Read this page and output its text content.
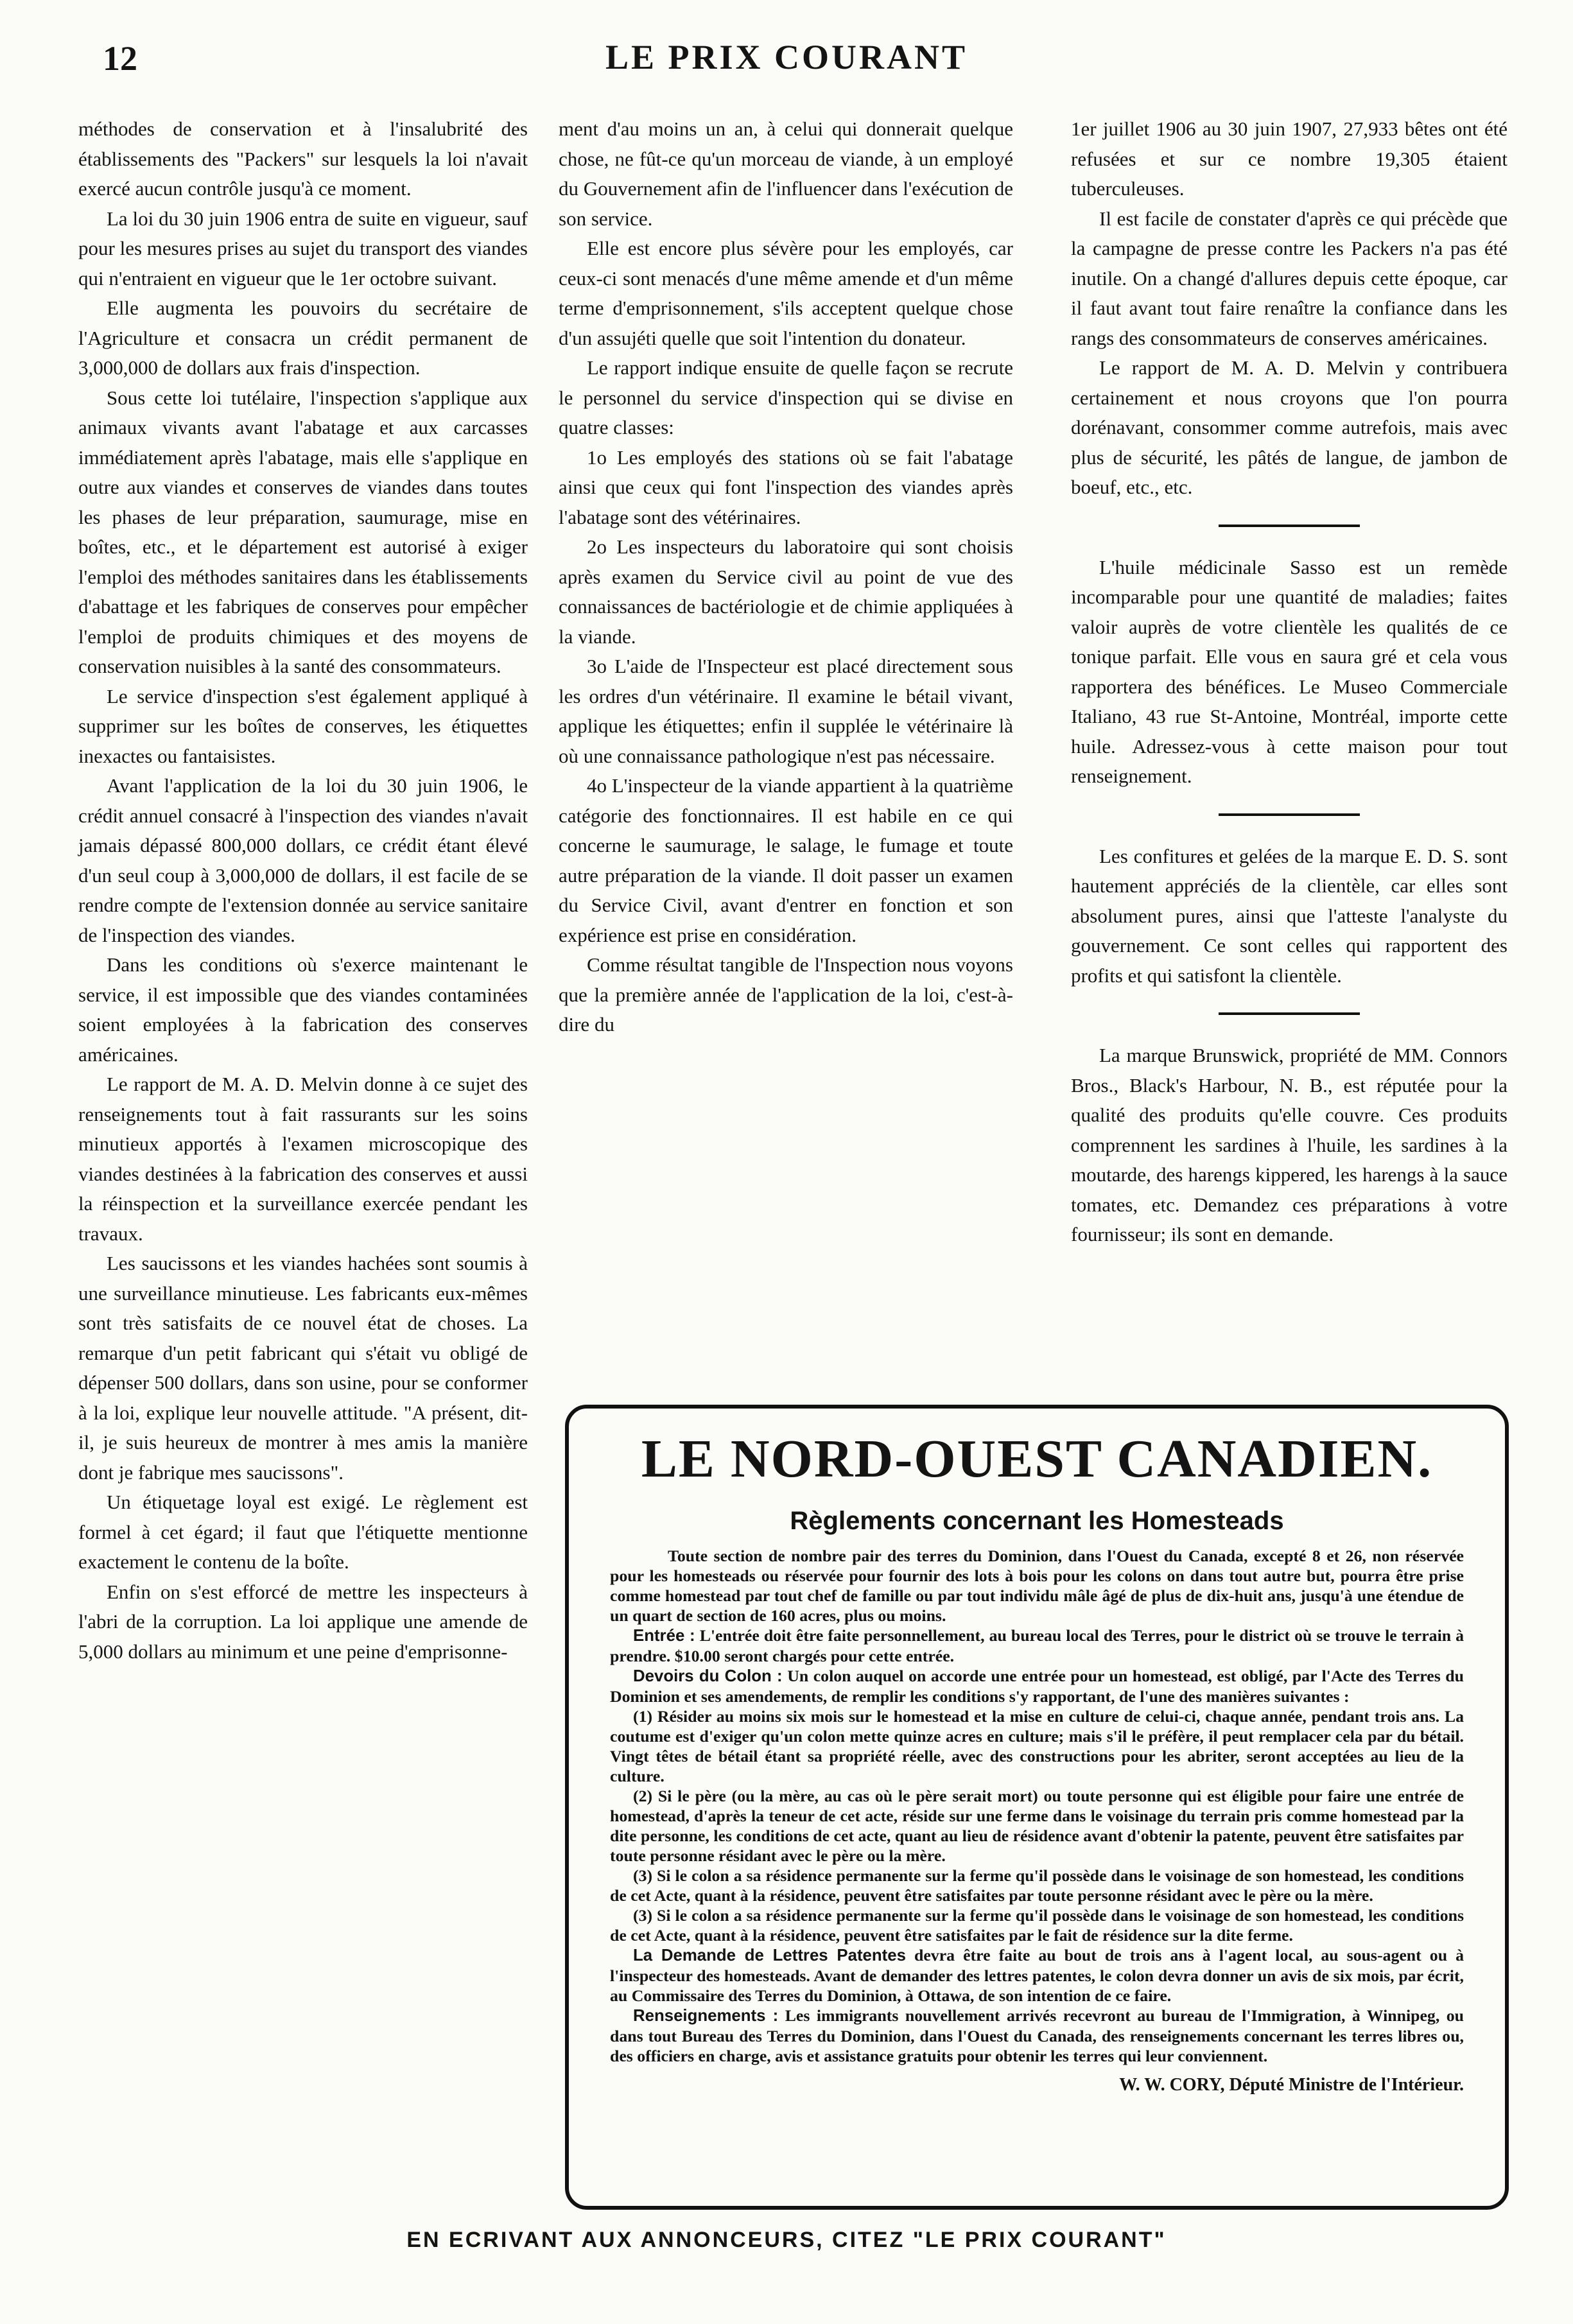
12	LE PRIX COURANT

méthodes de conservation et à l'insalubrité des établissements des "Packers" sur lesquels la loi n'avait exercé aucun contrôle jusqu'à ce moment.

La loi du 30 juin 1906 entra de suite en vigueur, sauf pour les mesures prises au sujet du transport des viandes qui n'entraient en vigueur que le 1er octobre suivant.

Elle augmenta les pouvoirs du secrétaire de l'Agriculture et consacra un crédit permanent de 3,000,000 de dollars aux frais d'inspection.

Sous cette loi tutélaire, l'inspection s'applique aux animaux vivants avant l'abatage et aux carcasses immédiatement après l'abatage, mais elle s'applique en outre aux viandes et conserves de viandes dans toutes les phases de leur préparation, saumurage, mise en boîtes, etc., et le département est autorisé à exiger l'emploi des méthodes sanitaires dans les établissements d'abattage et les fabriques de conserves pour empêcher l'emploi de produits chimiques et des moyens de conservation nuisibles à la santé des consommateurs.

Le service d'inspection s'est également appliqué à supprimer sur les boîtes de conserves, les étiquettes inexactes ou fantaisistes.

Avant l'application de la loi du 30 juin 1906, le crédit annuel consacré à l'inspection des viandes n'avait jamais dépassé 800,000 dollars, ce crédit étant élevé d'un seul coup à 3,000,000 de dollars, il est facile de se rendre compte de l'extension donnée au service sanitaire de l'inspection des viandes.

Dans les conditions où s'exerce maintenant le service, il est impossible que des viandes contaminées soient employées à la fabrication des conserves américaines.

Le rapport de M. A. D. Melvin donne à ce sujet des renseignements tout à fait rassurants sur les soins minutieux apportés à l'examen microscopique des viandes destinées à la fabrication des conserves et aussi la réinspection et la surveillance exercée pendant les travaux.

Les saucissons et les viandes hachées sont soumis à une surveillance minutieuse. Les fabricants eux-mêmes sont très satisfaits de ce nouvel état de choses. La remarque d'un petit fabricant qui s'était vu obligé de dépenser 500 dollars, dans son usine, pour se conformer à la loi, explique leur nouvelle attitude. "A présent, dit-il, je suis heureux de montrer à mes amis la manière dont je fabrique mes saucissons".

Un étiquetage loyal est exigé. Le règlement est formel à cet égard; il faut que l'étiquette mentionne exactement le contenu de la boîte.

Enfin on s'est efforcé de mettre les inspecteurs à l'abri de la corruption. La loi applique une amende de 5,000 dollars au minimum et une peine d'emprisonne-

ment d'au moins un an, à celui qui donnerait quelque chose, ne fût-ce qu'un morceau de viande, à un employé du Gouvernement afin de l'influencer dans l'exécution de son service.

Elle est encore plus sévère pour les employés, car ceux-ci sont menacés d'une même amende et d'un même terme d'emprisonnement, s'ils acceptent quelque chose d'un assujéti quelle que soit l'intention du donateur.

Le rapport indique ensuite de quelle façon se recrute le personnel du service d'inspection qui se divise en quatre classes:

1o Les employés des stations où se fait l'abatage ainsi que ceux qui font l'inspection des viandes après l'abatage sont des vétérinaires.

2o Les inspecteurs du laboratoire qui sont choisis après examen du Service civil au point de vue des connaissances de bactériologie et de chimie appliquées à la viande.

3o L'aide de l'Inspecteur est placé directement sous les ordres d'un vétérinaire. Il examine le bétail vivant, applique les étiquettes; enfin il supplée le vétérinaire là où une connaissance pathologique n'est pas nécessaire.

4o L'inspecteur de la viande appartient à la quatrième catégorie des fonctionnaires. Il est habile en ce qui concerne le saumurage, le salage, le fumage et toute autre préparation de la viande. Il doit passer un examen du Service Civil, avant d'entrer en fonction et son expérience est prise en considération.

Comme résultat tangible de l'Inspection nous voyons que la première année de l'application de la loi, c'est-à-dire du

1er juillet 1906 au 30 juin 1907, 27,933 bêtes ont été refusées et sur ce nombre 19,305 étaient tuberculeuses.

Il est facile de constater d'après ce qui précède que la campagne de presse contre les Packers n'a pas été inutile. On a changé d'allures depuis cette époque, car il faut avant tout faire renaître la confiance dans les rangs des consommateurs de conserves américaines.

Le rapport de M. A. D. Melvin y contribuera certainement et nous croyons que l'on pourra dorénavant, consommer comme autrefois, mais avec plus de sécurité, les pâtés de langue, de jambon de boeuf, etc., etc.

L'huile médicinale Sasso est un remède incomparable pour une quantité de maladies; faites valoir auprès de votre clientèle les qualités de ce tonique parfait. Elle vous en saura gré et cela vous rapportera des bénéfices. Le Museo Commerciale Italiano, 43 rue St-Antoine, Montréal, importe cette huile. Adressez-vous à cette maison pour tout renseignement.

Les confitures et gelées de la marque E. D. S. sont hautement appréciés de la clientèle, car elles sont absolument pures, ainsi que l'atteste l'analyste du gouvernement. Ce sont celles qui rapportent des profits et qui satisfont la clientèle.

La marque Brunswick, propriété de MM. Connors Bros., Black's Harbour, N. B., est réputée pour la qualité des produits qu'elle couvre. Ces produits comprennent les sardines à l'huile, les sardines à la moutarde, des harengs kippered, les harengs à la sauce tomates, etc. Demandez ces préparations à votre fournisseur; ils sont en demande.

LE NORD-OUEST CANADIEN.
Règlements concernant les Homesteads

Toute section de nombre pair des terres du Dominion, dans l'Ouest du Canada, excepté 8 et 26, non réservée pour les homesteads ou réservée pour fournir des lots à bois pour les colons on dans tout autre but, pourra être prise comme homestead par tout chef de famille ou par tout individu mâle âgé de plus de dix-huit ans, jusqu'à une étendue de un quart de section de 160 acres, plus ou moins.

Entrée : L'entrée doit être faite personnellement, au bureau local des Terres, pour le district où se trouve le terrain à prendre. $10.00 seront chargés pour cette entrée.

Devoirs du Colon : Un colon auquel on accorde une entrée pour un homestead, est obligé, par l'Acte des Terres du Dominion et ses amendements, de remplir les conditions s'y rapportant, de l'une des manières suivantes :

(1) Résider au moins six mois sur le homestead et la mise en culture de celui-ci, chaque année, pendant trois ans. La coutume est d'exiger qu'un colon mette quinze acres en culture; mais s'il le préfère, il peut remplacer cela par du bétail. Vingt têtes de bétail étant sa propriété réelle, avec des constructions pour les abriter, seront acceptées au lieu de la culture.

(2) Si le père (ou la mère, au cas où le père serait mort) ou toute personne qui est éligible pour faire une entrée de homestead, d'après la teneur de cet acte, réside sur une ferme dans le voisinage du terrain pris comme homestead par la dite personne, les conditions de cet acte, quant au lieu de résidence avant d'obtenir la patente, peuvent être satisfaites par toute personne résidant avec le père ou la mère.

(3) Si le colon a sa résidence permanente sur la ferme qu'il possède dans le voisinage de son homestead, les conditions de cet Acte, quant à la résidence, peuvent être satisfaites par toute personne résidant avec le père ou la mère.

(3) Si le colon a sa résidence permanente sur la ferme qu'il possède dans le voisinage de son homestead, les conditions de cet Acte, quant à la résidence, peuvent être satisfaites par le fait de résidence sur la dite ferme.

La Demande de Lettres Patentes devra être faite au bout de trois ans à l'agent local, au sous-agent ou à l'inspecteur des homesteads. Avant de demander des lettres patentes, le colon devra donner un avis de six mois, par écrit, au Commissaire des Terres du Dominion, à Ottawa, de son intention de ce faire.

Renseignements : Les immigrants nouvellement arrivés recevront au bureau de l'Immigration, à Winnipeg, ou dans tout Bureau des Terres du Dominion, dans l'Ouest du Canada, des renseignements concernant les terres libres ou, des officiers en charge, avis et assistance gratuits pour obtenir les terres qui leur conviennent.

W. W. CORY, Député Ministre de l'Intérieur.
EN ECRIVANT AUX ANNONCEURS, CITEZ "LE PRIX COURANT"
